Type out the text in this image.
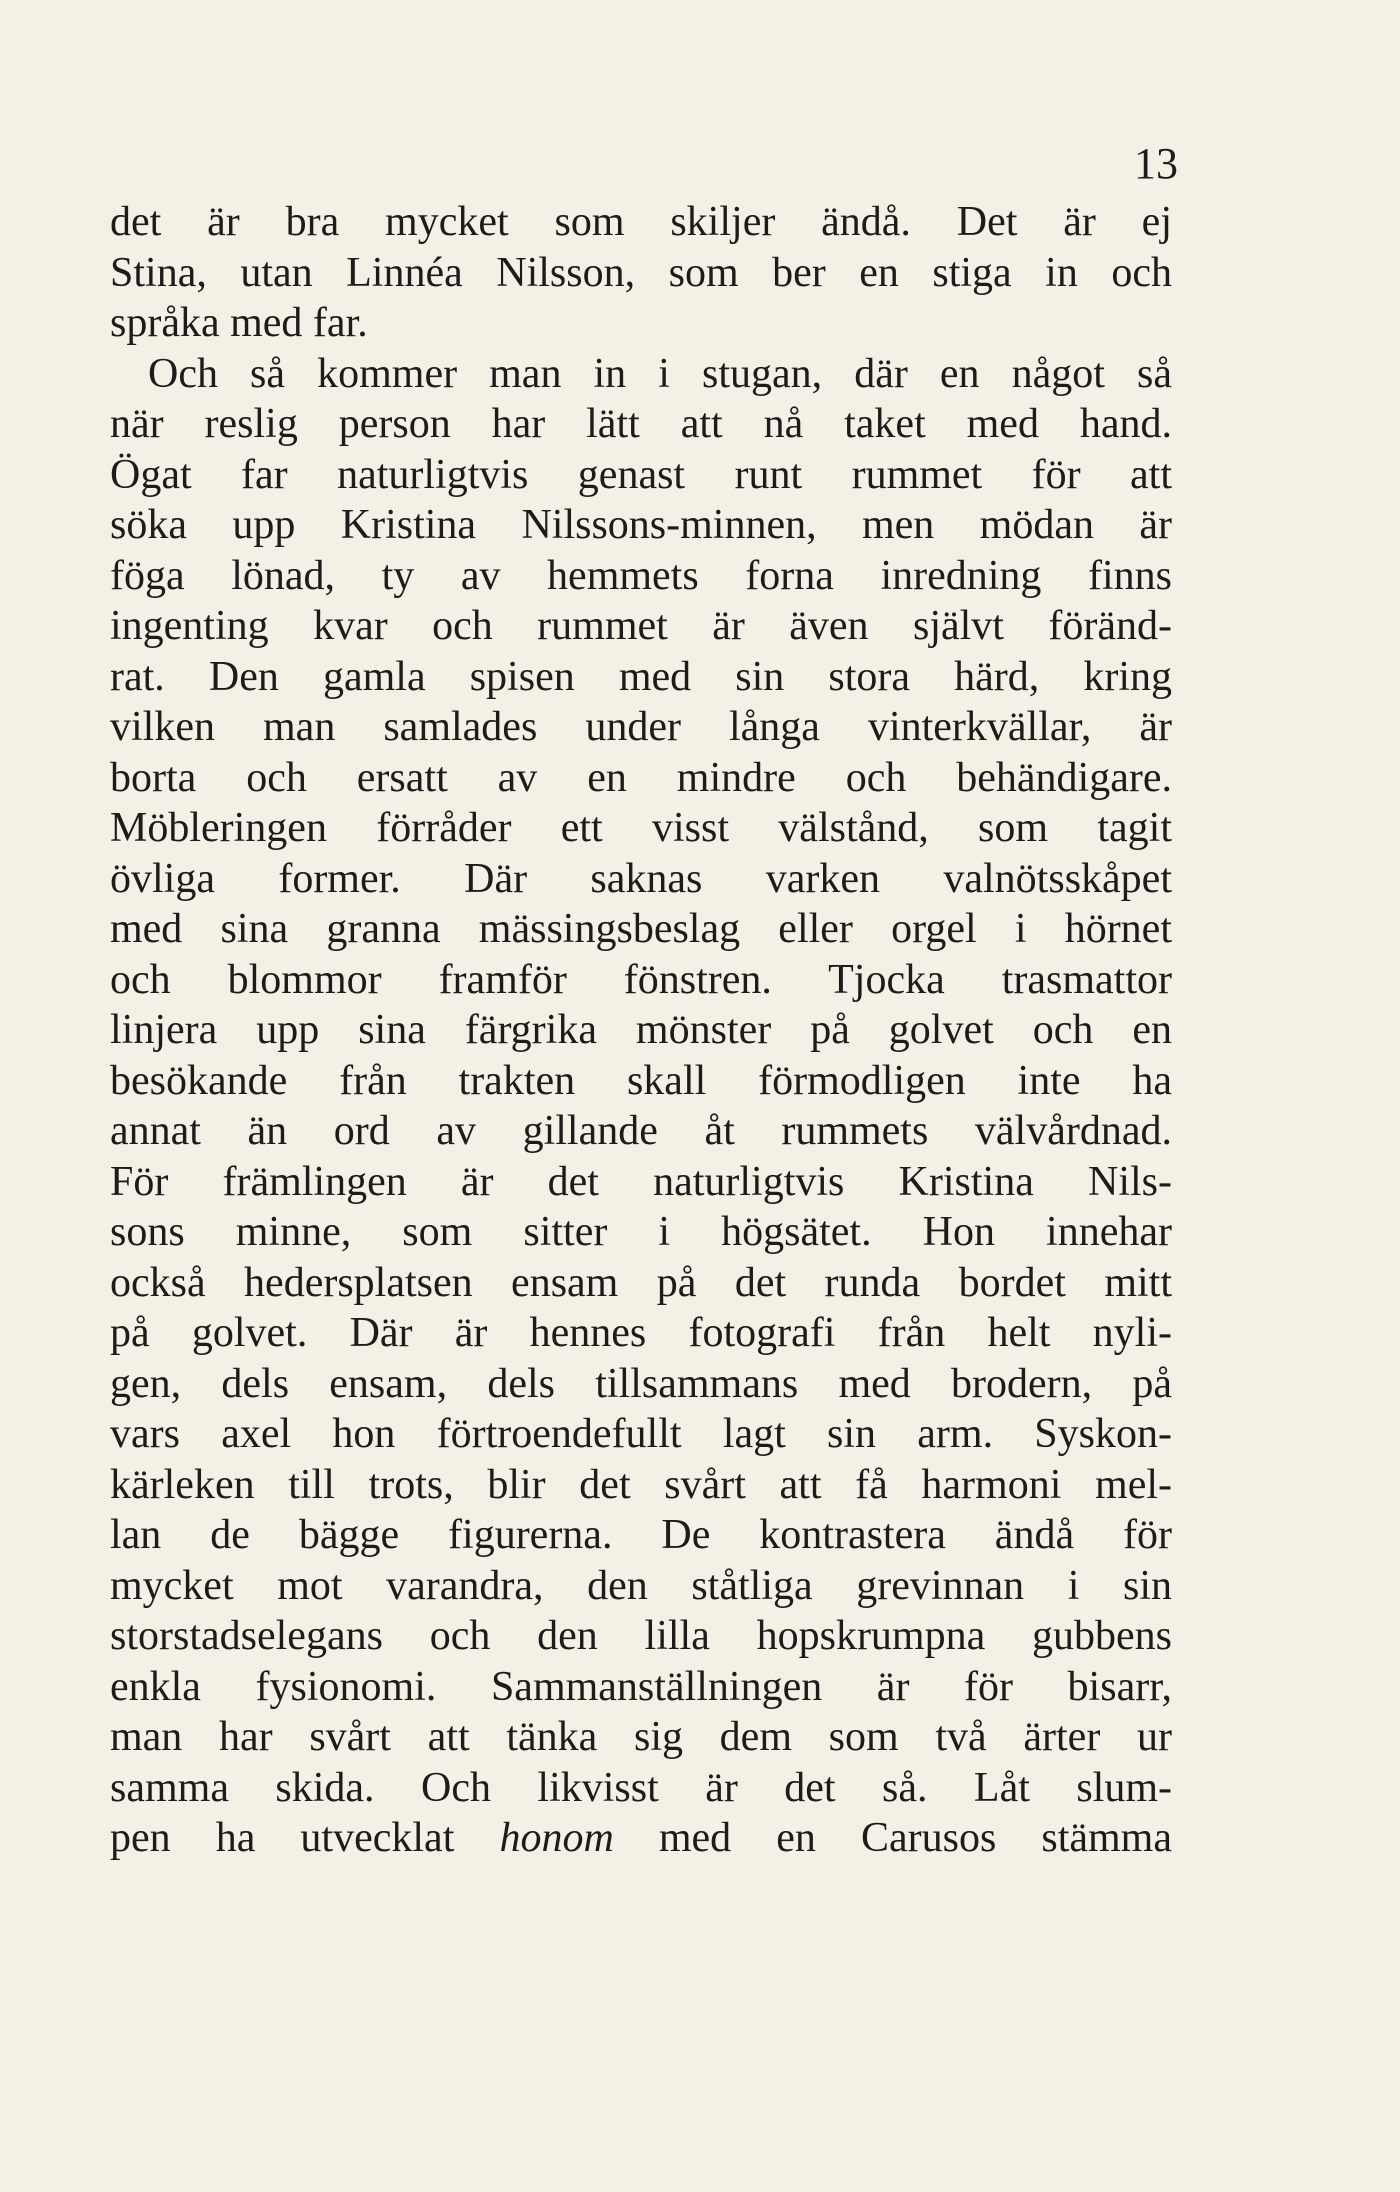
13
det är bra mycket som skiljer ändå. Det är ej
Stina, utan Linnéa Nilsson, som ber en stiga in och
språka med far.
Och så kommer man in i stugan, där en något så
när reslig person har lätt att nå taket med hand.
Ögat far naturligtvis genast runt rummet för att
söka upp Kristina Nilssons-minnen, men mödan är
föga lönad, ty av hemmets forna inredning finns
ingenting kvar och rummet är även självt föränd-
rat. Den gamla spisen med sin stora härd, kring
vilken man samlades under långa vinterkvällar, är
borta och ersatt av en mindre och behändigare.
Möbleringen förråder ett visst välstånd, som tagit
övliga former. Där saknas varken valnötsskåpet
med sina granna mässingsbeslag eller orgel i hörnet
och blommor framför fönstren. Tjocka trasmattor
linjera upp sina färgrika mönster på golvet och en
besökande från trakten skall förmodligen inte ha
annat än ord av gillande åt rummets välvårdnad.
För främlingen är det naturligtvis Kristina Nils-
sons minne, som sitter i högsätet. Hon innehar
också hedersplatsen ensam på det runda bordet mitt
på golvet. Där är hennes fotografi från helt nyli-
gen, dels ensam, dels tillsammans med brodern, på
vars axel hon förtroendefullt lagt sin arm. Syskon-
kärleken till trots, blir det svårt att få harmoni mel-
lan de bägge figurerna. De kontrastera ändå för
mycket mot varandra, den ståtliga grevinnan i sin
storstadselegans och den lilla hopskrumpna gubbens
enkla fysionomi. Sammanställningen är för bisarr,
man har svårt att tänka sig dem som två ärter ur
samma skida. Och likvisst är det så. Låt slum-
pen ha utvecklat honom med en Carusos stämma
